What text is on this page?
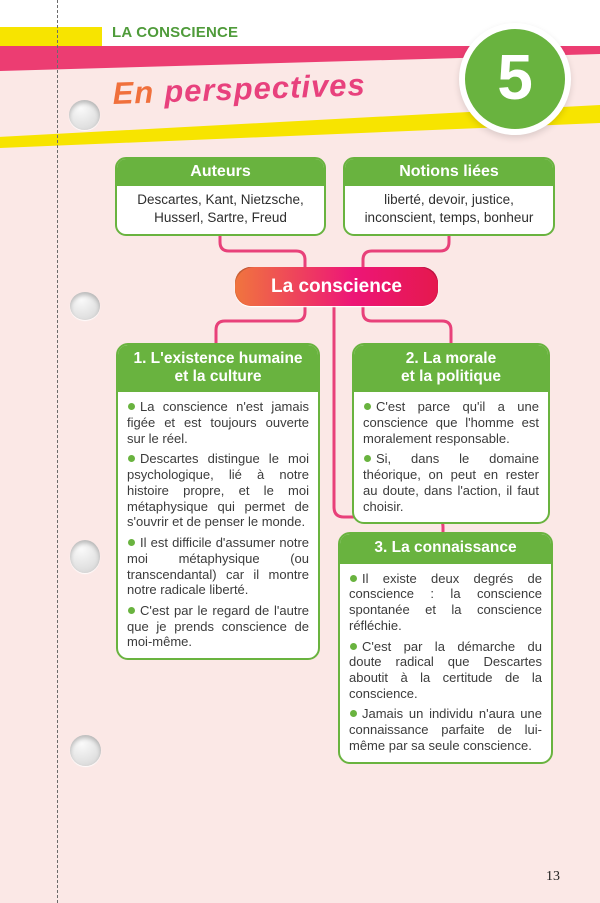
LA CONSCIENCE
En perspectives 5
Auteurs
Descartes, Kant, Nietzsche, Husserl, Sartre, Freud
Notions liées
liberté, devoir, justice, inconscient, temps, bonheur
La conscience
1. L'existence humaine
et la culture

La conscience n'est jamais figée et est toujours ouverte sur le réel.

Descartes distingue le moi psychologique, lié à notre histoire propre, et le moi métaphysique qui permet de s'ouvrir et de penser le monde.

Il est difficile d'assumer notre moi métaphysique (ou transcendantal) car il montre notre radicale liberté.

C'est par le regard de l'autre que je prends conscience de moi-même.

2. La morale
et la politique

C'est parce qu'il a une conscience que l'homme est moralement responsable.

Si, dans le domaine théorique, on peut en rester au doute, dans l'action, il faut choisir.

3. La connaissance

Il existe deux degrés de conscience : la conscience spontanée et la conscience réfléchie.

C'est par la démarche du doute radical que Descartes aboutit à la certitude de la conscience.

Jamais un individu n'aura une connaissance parfaite de lui-même par sa seule conscience.

13
